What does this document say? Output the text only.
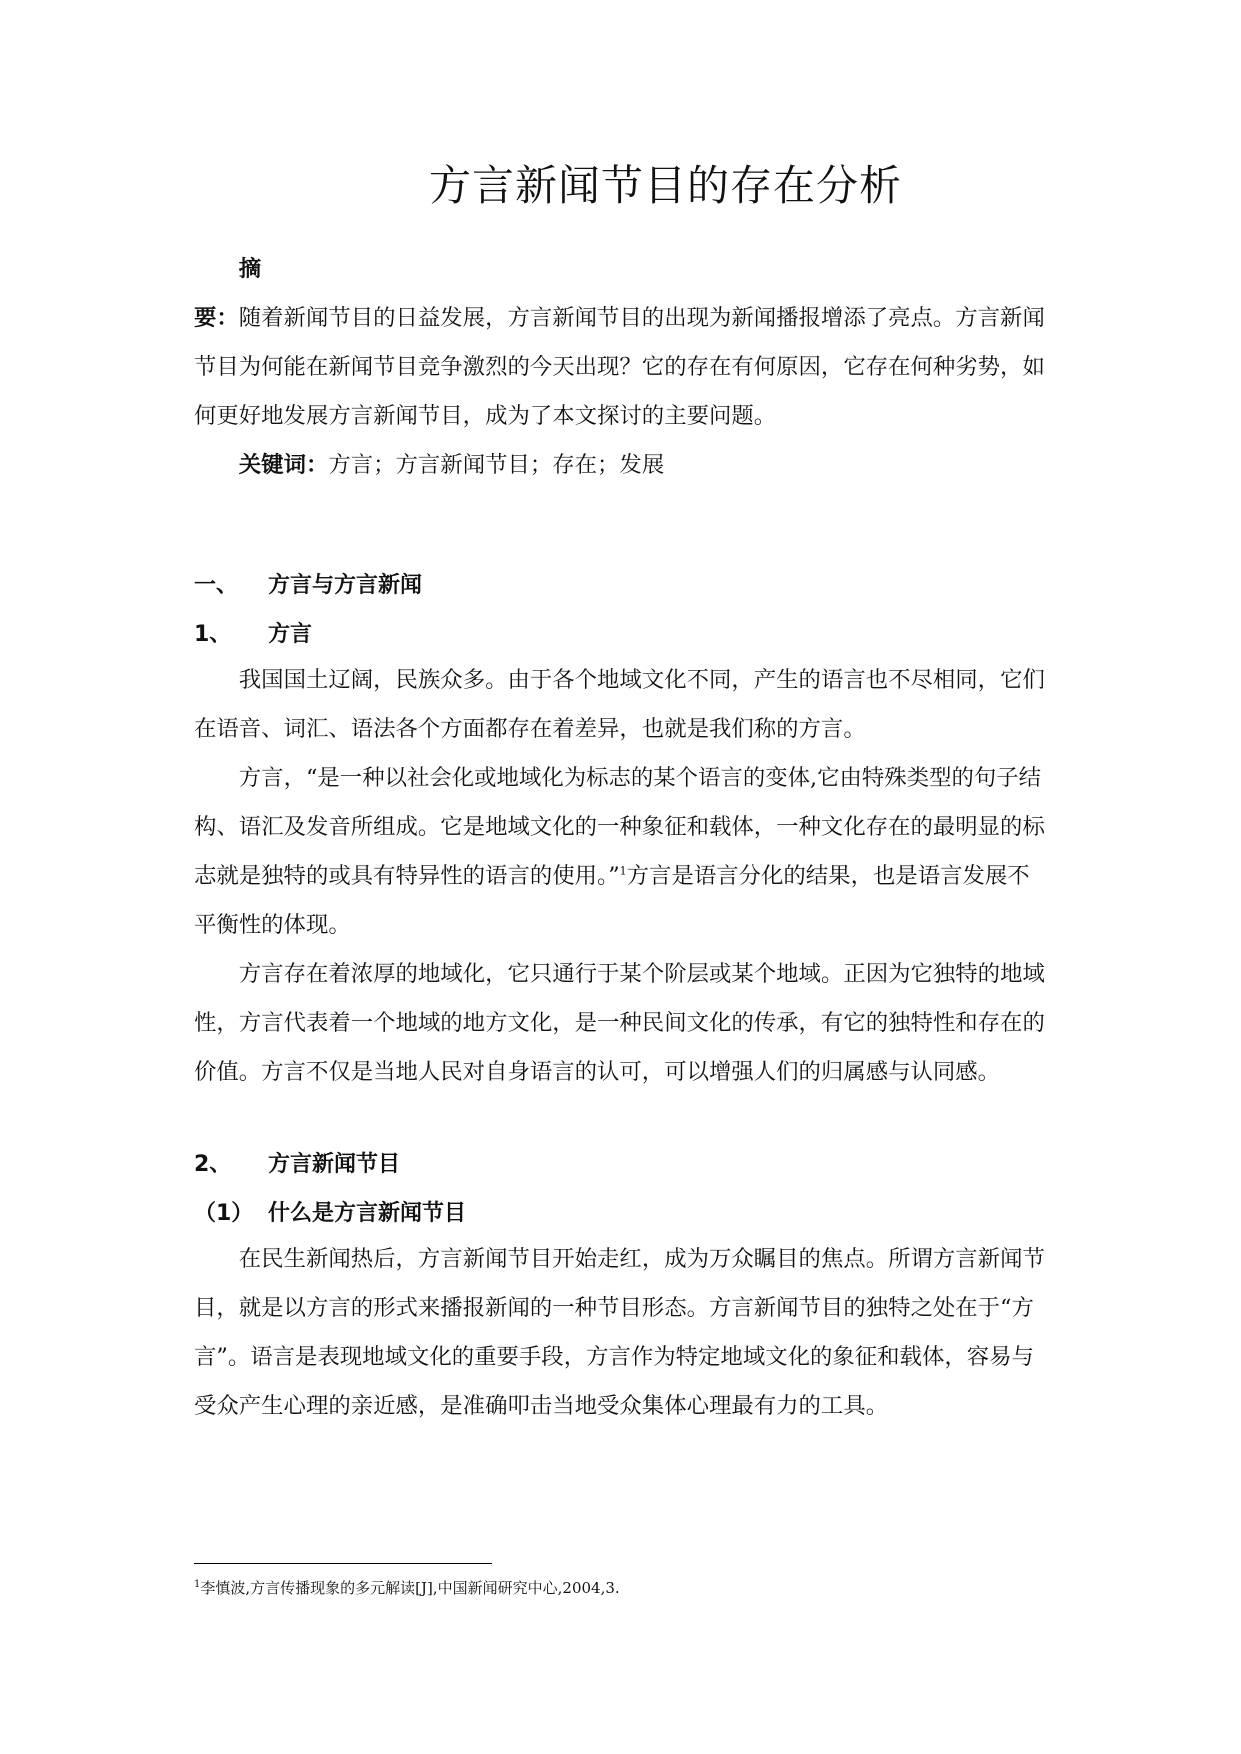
方言新闻节目的存在分析

摘

要：随着新闻节目的日益发展，方言新闻节目的出现为新闻播报增添了亮点。方言新闻节目为何能在新闻节目竞争激烈的今天出现？它的存在有何原因，它存在何种劣势，如何更好地发展方言新闻节目，成为了本文探讨的主要问题。

关键词：方言；方言新闻节目；存在；发展

一、 方言与方言新闻
1、 方言

我国国土辽阔，民族众多。由于各个地域文化不同，产生的语言也不尽相同，它们在语音、词汇、语法各个方面都存在着差异，也就是我们称的方言。

方言，“是一种以社会化或地域化为标志的某个语言的变体,它由特殊类型的句子结构、语汇及发音所组成。它是地域文化的一种象征和载体，一种文化存在的最明显的标志就是独特的或具有特异性的语言的使用。”$^1$方言是语言分化的结果，也是语言发展不平衡性的体现。

方言存在着浓厚的地域化，它只通行于某个阶层或某个地域。正因为它独特的地域性，方言代表着一个地域的地方文化，是一种民间文化的传承，有它的独特性和存在的价值。方言不仅是当地人民对自身语言的认可，可以增强人们的归属感与认同感。

2、 方言新闻节目
（1） 什么是方言新闻节目

在民生新闻热后，方言新闻节目开始走红，成为万众瞩目的焦点。所谓方言新闻节目，就是以方言的形式来播报新闻的一种节目形态。方言新闻节目的独特之处在于“方言”。语言是表现地域文化的重要手段，方言作为特定地域文化的象征和载体，容易与受众产生心理的亲近感，是准确叩击当地受众集体心理最有力的工具。

$^1$李慎波,方言传播现象的多元解读[J],中国新闻研究中心,2004,3.
